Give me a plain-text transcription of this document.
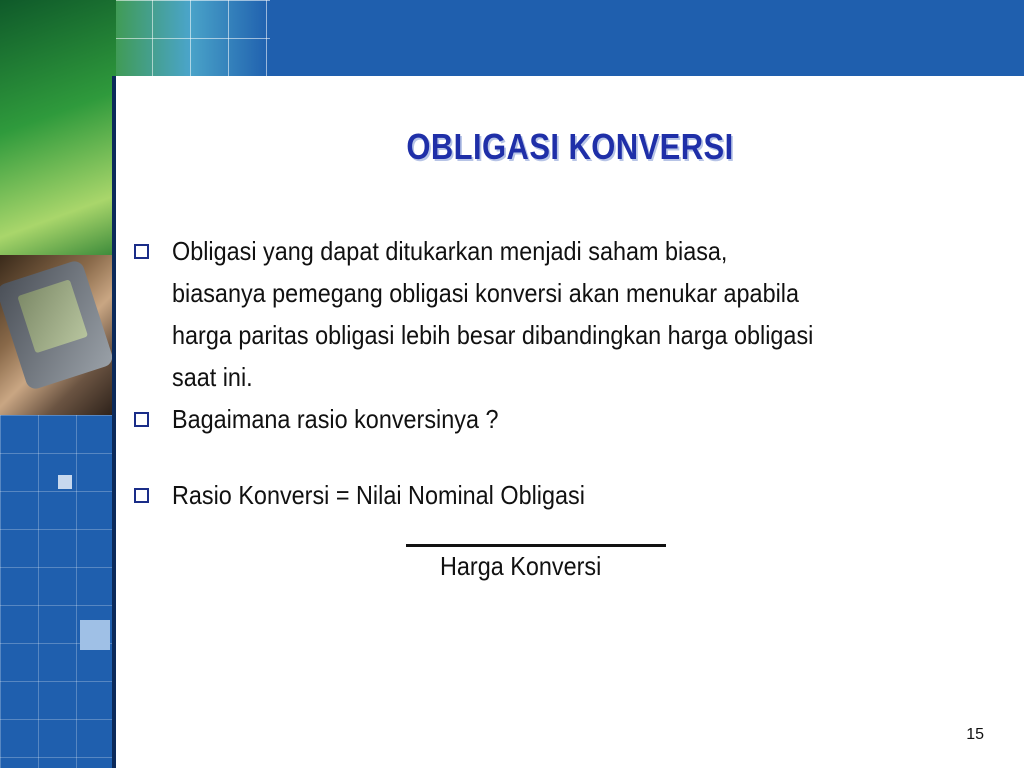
OBLIGASI KONVERSI
Obligasi yang dapat ditukarkan menjadi saham biasa, biasanya pemegang obligasi konversi akan menukar apabila harga paritas obligasi lebih besar dibandingkan harga obligasi saat ini.
Bagaimana rasio konversinya ?
Rasio Konversi = Nilai Nominal Obligasi
Harga Konversi
15
